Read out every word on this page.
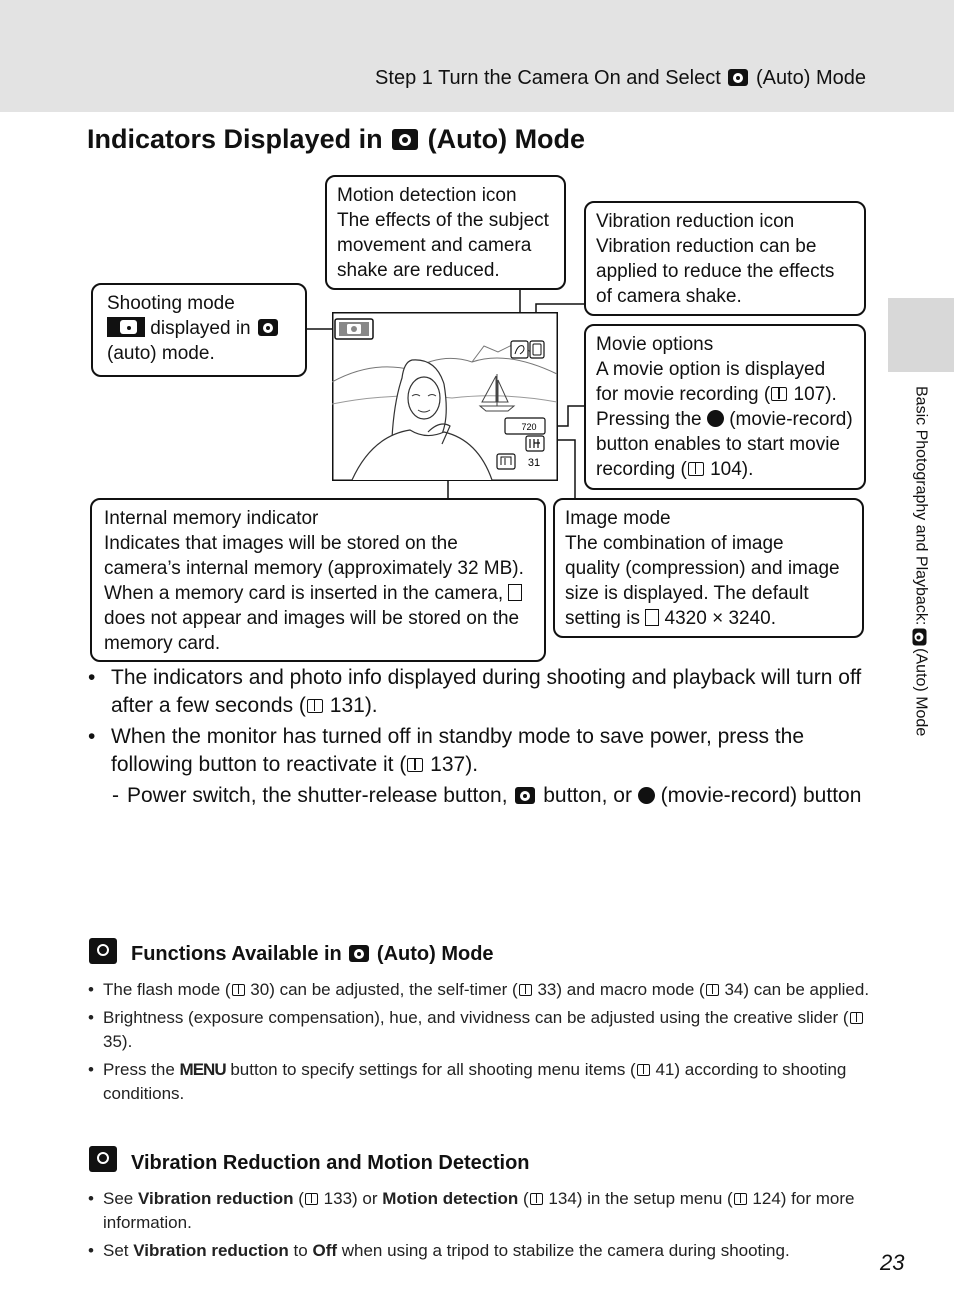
Step 1 Turn the Camera On and Select (Auto) Mode
Indicators Displayed in (Auto) Mode
Basic Photography and Playback:  (Auto) Mode
720
31
Motion detection icon
The effects of the subject
movement and camera
shake are reduced.
Vibration reduction icon
Vibration reduction can be
applied to reduce the effects
of camera shake.
Shooting mode
displayed in
(auto) mode.	Movie options
A movie option is displayed
for movie recording ( 107).
Pressing the (movie-record)
button enables to start movie
recording ( 104).
Internal memory indicator
Indicates that images will be stored on the
camera’s internal memory (approximately 32 MB).
When a memory card is inserted in the camera,
does not appear and images will be stored on the
memory card.
Image mode
The combination of image
quality (compression) and image
size is displayed. The default
setting is 4320 × 3240.
• The indicators and photo info displayed during shooting and playback will turn off after a few seconds ( 131).
• When the monitor has turned off in standby mode to save power, press the following button to reactivate it ( 137).
- Power switch, the shutter-release button, button, or (movie-record) button
Functions Available in (Auto) Mode
• The flash mode ( 30) can be adjusted, the self-timer ( 33) and macro mode ( 34) can be applied.
• Brightness (exposure compensation), hue, and vividness can be adjusted using the creative slider ( 35).
• Press the MENU button to specify settings for all shooting menu items ( 41) according to shooting conditions.
Vibration Reduction and Motion Detection
• See Vibration reduction ( 133) or Motion detection ( 134) in the setup menu ( 124) for more information.
• Set Vibration reduction to Off when using a tripod to stabilize the camera during shooting.	23
